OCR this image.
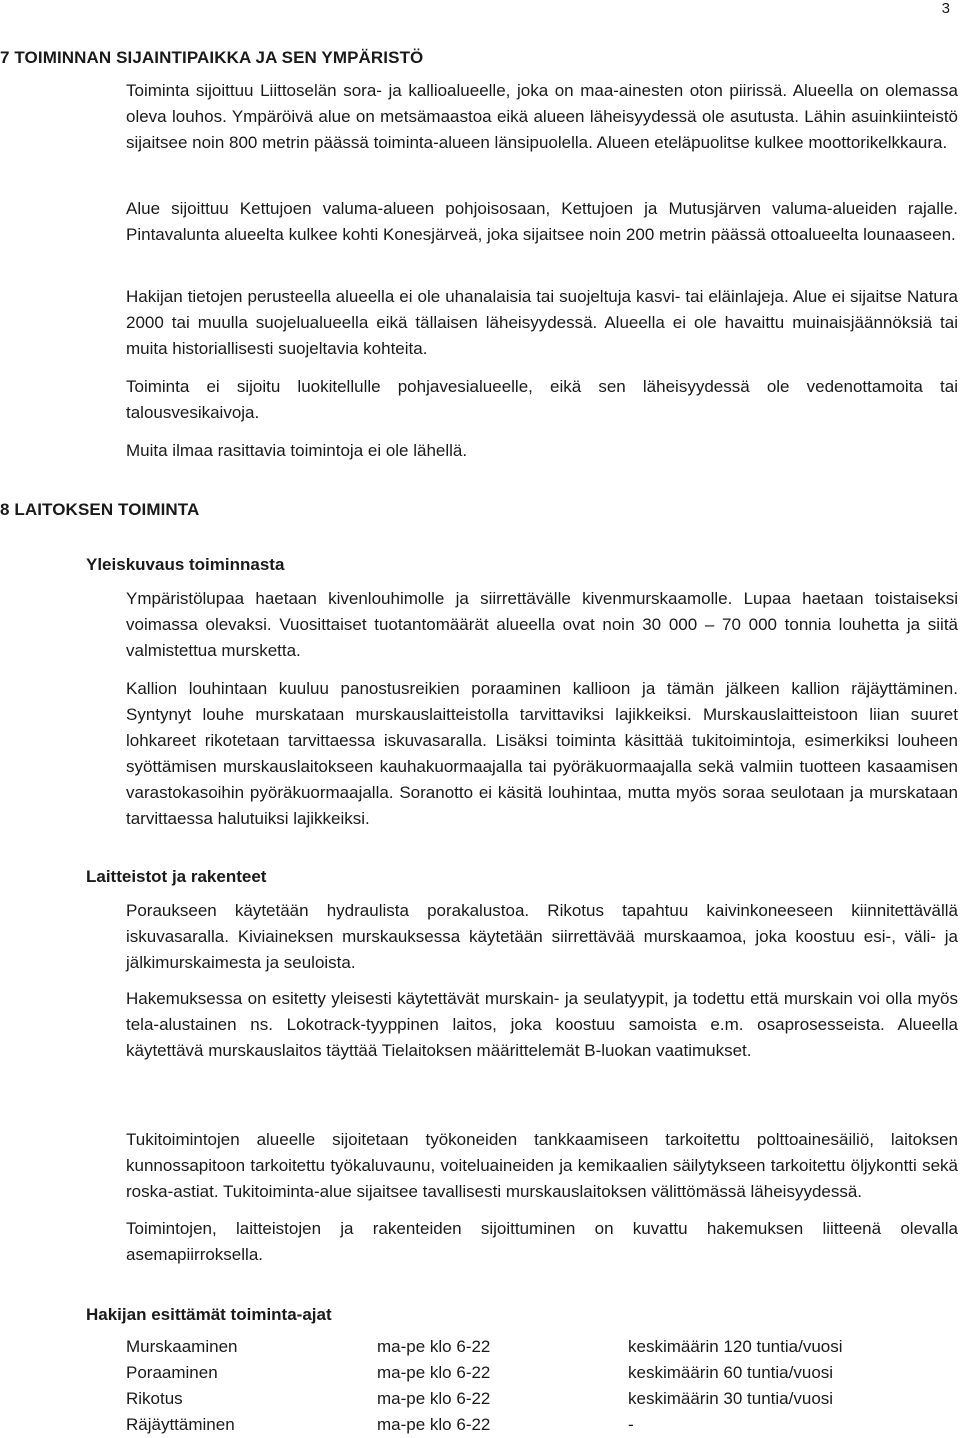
3
7 TOIMINNAN SIJAINTIPAIKKA JA SEN YMPÄRISTÖ

Toiminta sijoittuu Liittoselän sora- ja kallioalueelle, joka on maa-ainesten oton piirissä. Alueella on olemassa oleva louhos. Ympäröivä alue on metsämaastoa eikä alueen läheisyydessä ole asutusta. Lähin asuinkiinteistö sijaitsee noin 800 metrin päässä toiminta-alueen länsipuolella. Alueen eteläpuolitse kulkee moottorikelkkaura.

Alue sijoittuu Kettujoen valuma-alueen pohjoisosaan, Kettujoen ja Mutusjärven valuma-alueiden rajalle. Pintavalunta alueelta kulkee kohti Konesjärveä, joka sijaitsee noin 200 metrin päässä ottoalueelta lounaaseen.

Hakijan tietojen perusteella alueella ei ole uhanalaisia tai suojeltuja kasvi- tai eläinlajeja. Alue ei sijaitse Natura 2000 tai muulla suojelualueella eikä tällaisen läheisyydessä. Alueella ei ole havaittu muinaisjäännöksiä tai muita historiallisesti suojeltavia kohteita.

Toiminta ei sijoitu luokitellulle pohjavesialueelle, eikä sen läheisyydessä ole vedenottamoita tai talousvesikaivoja.

Muita ilmaa rasittavia toimintoja ei ole lähellä.

8 LAITOKSEN TOIMINTA
Yleiskuvaus toiminnasta

Ympäristölupaa haetaan kivenlouhimolle ja siirrettävälle kivenmurskaamolle. Lupaa haetaan toistaiseksi voimassa olevaksi. Vuosittaiset tuotantomäärät alueella ovat noin 30 000 – 70 000 tonnia louhetta ja siitä valmistettua mursketta.

Kallion louhintaan kuuluu panostusreikien poraaminen kallioon ja tämän jälkeen kallion räjäyttäminen. Syntynyt louhe murskataan murskauslaitteistolla tarvittaviksi lajikkeiksi. Murskauslaitteistoon liian suuret lohkareet rikotetaan tarvittaessa iskuvasaralla. Lisäksi toiminta käsittää tukitoimintoja, esimerkiksi louheen syöttämisen murskauslaitokseen kauhakuormaajalla tai pyöräkuormaajalla sekä valmiin tuotteen kasaamisen varastokasoihin pyöräkuormaajalla. Soranotto ei käsitä louhintaa, mutta myös soraa seulotaan ja murskataan tarvittaessa halutuiksi lajikkeiksi.

Laitteistot ja rakenteet

Poraukseen käytetään hydraulista porakalustoa. Rikotus tapahtuu kaivinkoneeseen kiinnitettävällä iskuvasaralla. Kiviaineksen murskauksessa käytetään siirrettävää murskaamoa, joka koostuu esi-, väli- ja jälkimurskaimesta ja seuloista.

Hakemuksessa on esitetty yleisesti käytettävät murskain- ja seulatyypit, ja todettu että murskain voi olla myös tela-alustainen ns. Lokotrack-tyyppinen laitos, joka koostuu samoista e.m. osaprosesseista. Alueella käytettävä murskauslaitos täyttää Tielaitoksen määrittelemät B-luokan vaatimukset.

Tukitoimintojen alueelle sijoitetaan työkoneiden tankkaamiseen tarkoitettu polttoainesäiliö, laitoksen kunnossapitoon tarkoitettu työkaluvaunu, voiteluaineiden ja kemikaalien säilytykseen tarkoitettu öljykontti sekä roska-astiat. Tukitoiminta-alue sijaitsee tavallisesti murskauslaitoksen välittömässä läheisyydessä.

Toimintojen, laitteistojen ja rakenteiden sijoittuminen on kuvattu hakemuksen liitteenä olevalla asemapiirroksella.

Hakijan esittämät toiminta-ajat
Murskaaminen	ma-pe klo 6-22	keskimäärin 120 tuntia/vuosi
Poraaminen	ma-pe klo 6-22	keskimäärin 60 tuntia/vuosi
Rikotus	ma-pe klo 6-22	keskimäärin 30 tuntia/vuosi
Räjäyttäminen	ma-pe klo 6-22	-
